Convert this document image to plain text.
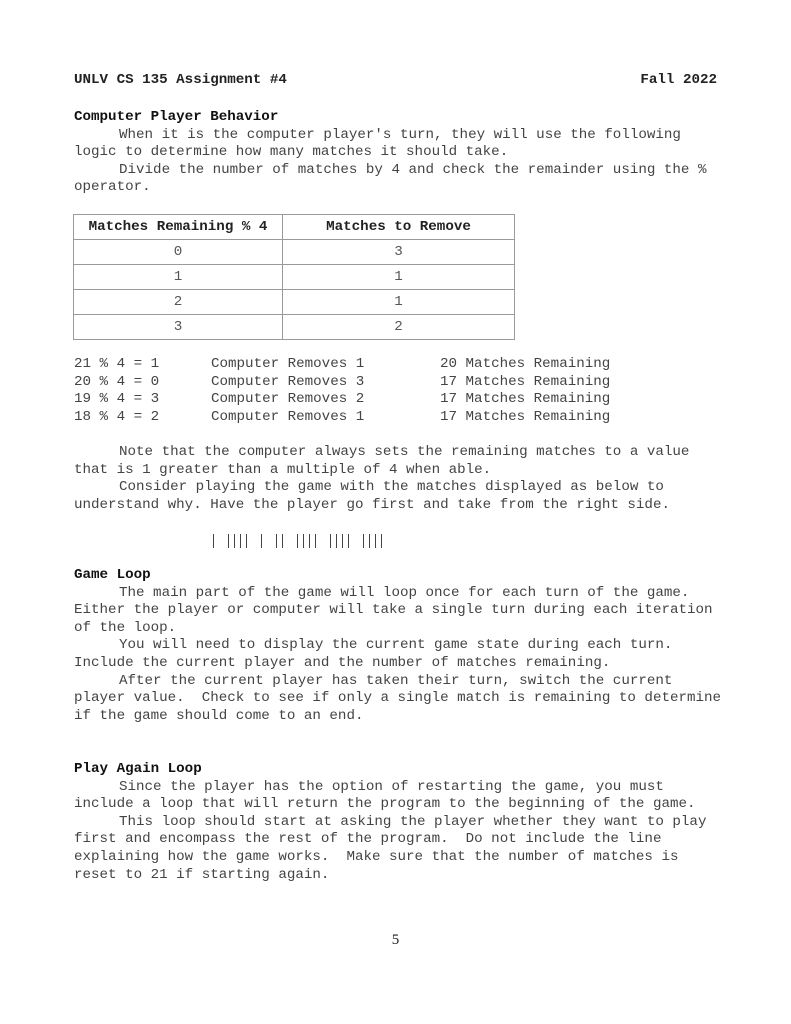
UNLV CS 135 Assignment #4	Fall 2022

Computer Player Behavior

When it is the computer player's turn, they will use the following logic to determine how many matches it should take.

Divide the number of matches by 4 and check the remainder using the % operator.

Matches Remaining % 4	Matches to Remove
0	3
1	1
2	1
3	2
21 % 4 = 1	Computer Removes 1	20 Matches Remaining
20 % 4 = 0	Computer Removes 3	17 Matches Remaining
19 % 4 = 3	Computer Removes 2	17 Matches Remaining
18 % 4 = 2	Computer Removes 1	17 Matches Remaining

Note that the computer always sets the remaining matches to a value that is 1 greater than a multiple of 4 when able.

Consider playing the game with the matches displayed as below to understand why. Have the player go first and take from the right side.

Game Loop

The main part of the game will loop once for each turn of the game.  Either the player or computer will take a single turn during each iteration of the loop.

You will need to display the current game state during each turn.  Include the current player and the number of matches remaining.

After the current player has taken their turn, switch the current player value.  Check to see if only a single match is remaining to determine if the game should come to an end.

Play Again Loop

Since the player has the option of restarting the game, you must include a loop that will return the program to the beginning of the game.

This loop should start at asking the player whether they want to play first and encompass the rest of the program.  Do not include the line explaining how the game works.  Make sure that the number of matches is reset to 21 if starting again.

5
